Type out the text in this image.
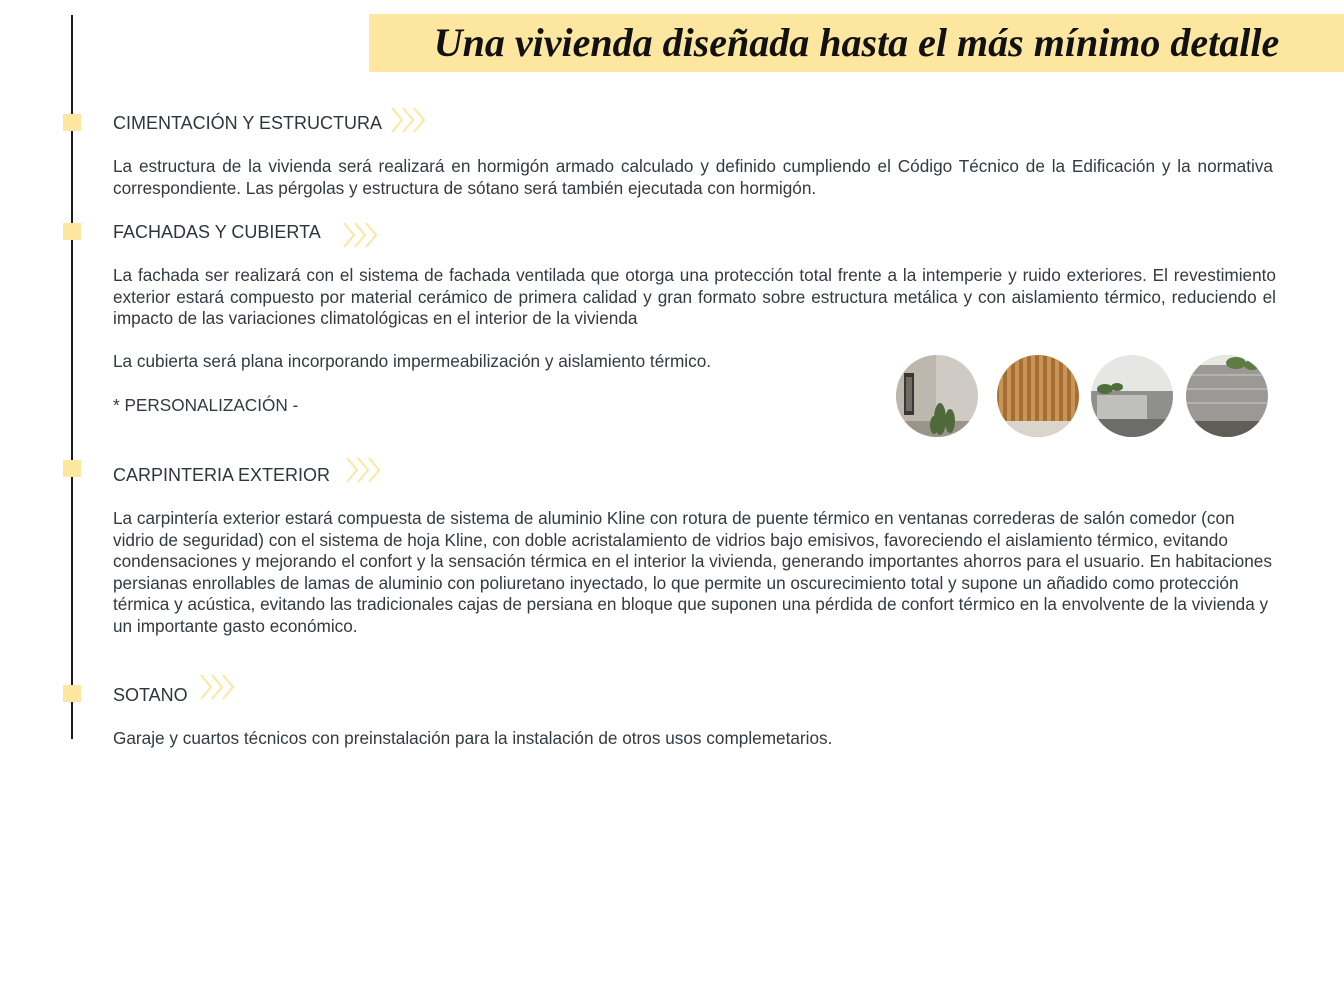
Una vivienda diseñada hasta el más mínimo detalle
CIMENTACIÓN Y ESTRUCTURA
La estructura de la vivienda será realizará en hormigón armado calculado y definido cumpliendo el Código Técnico de la Edificación y la normativa correspondiente. Las pérgolas y estructura de sótano será también ejecutada con hormigón.
FACHADAS Y CUBIERTA
La fachada ser realizará con el sistema de fachada ventilada que otorga una protección total frente a la intemperie y ruido exteriores. El revestimiento exterior estará compuesto por material cerámico de primera calidad y gran formato sobre estructura metálica y con aislamiento térmico, reduciendo el impacto de las variaciones climatológicas en el interior de la vivienda
La cubierta será plana incorporando impermeabilización y aislamiento térmico.
* PERSONALIZACIÓN -
CARPINTERIA EXTERIOR
La carpintería exterior estará compuesta de sistema de aluminio Kline con rotura de puente térmico en ventanas correderas de salón comedor (con vidrio de seguridad) con el sistema de hoja Kline, con doble acristalamiento de vidrios bajo emisivos, favoreciendo el aislamiento térmico, evitando condensaciones y mejorando el confort y la sensación térmica en el interior la vivienda, generando importantes ahorros para el usuario. En habitaciones persianas enrollables de lamas de aluminio con poliuretano inyectado, lo que permite un oscurecimiento total y supone un añadido como protección térmica y acústica, evitando las tradicionales cajas de persiana en bloque que suponen una pérdida de confort térmico en la envolvente de la vivienda y un importante gasto económico.
SOTANO
Garaje y cuartos técnicos con preinstalación para la instalación de otros usos complemetarios.
